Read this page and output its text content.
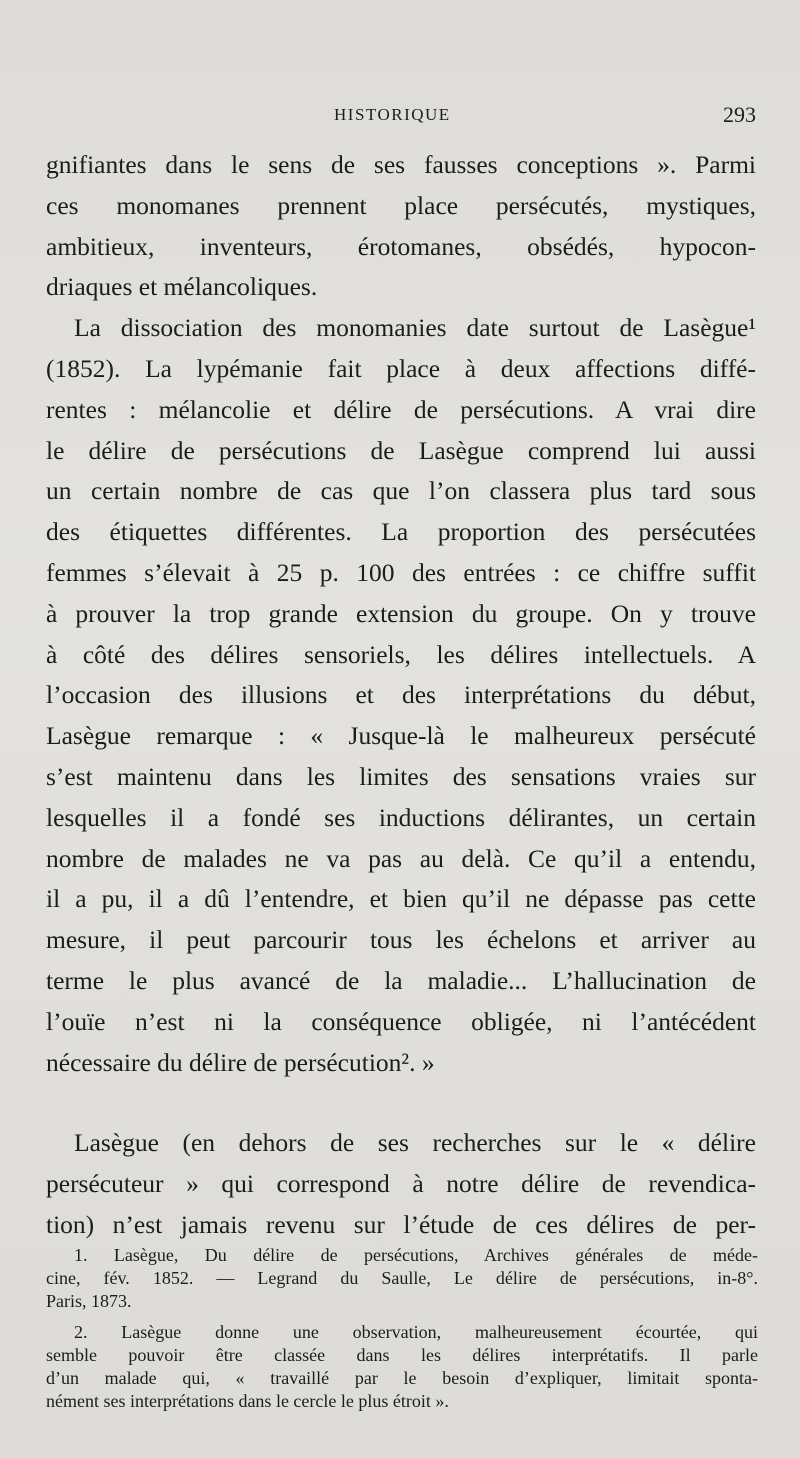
HISTORIQUE	293
gnifiantes dans le sens de ses fausses conceptions ». Parmi
ces monomanes prennent place persécutés, mystiques,
ambitieux, inventeurs, érotomanes, obsédés, hypocon-
driaques et mélancoliques.
La dissociation des monomanies date surtout de Lasègue¹
(1852). La lypémanie fait place à deux affections diffé-
rentes : mélancolie et délire de persécutions. A vrai dire
le délire de persécutions de Lasègue comprend lui aussi
un certain nombre de cas que l’on classera plus tard sous
des étiquettes différentes. La proportion des persécutées
femmes s’élevait à 25 p. 100 des entrées : ce chiffre suffit
à prouver la trop grande extension du groupe. On y trouve
à côté des délires sensoriels, les délires intellectuels. A
l’occasion des illusions et des interprétations du début,
Lasègue remarque : « Jusque-là le malheureux persécuté
s’est maintenu dans les limites des sensations vraies sur
lesquelles il a fondé ses inductions délirantes, un certain
nombre de malades ne va pas au delà. Ce qu’il a entendu,
il a pu, il a dû l’entendre, et bien qu’il ne dépasse pas cette
mesure, il peut parcourir tous les échelons et arriver au
terme le plus avancé de la maladie... L’hallucination de
l’ouïe n’est ni la conséquence obligée, ni l’antécédent
nécessaire du délire de persécution². »
Lasègue (en dehors de ses recherches sur le « délire
persécuteur » qui correspond à notre délire de revendica-
tion) n’est jamais revenu sur l’étude de ces délires de per-
1. Lasègue, Du délire de persécutions, Archives générales de méde-
cine, fév. 1852. — Legrand du Saulle, Le délire de persécutions, in-8°.
Paris, 1873.
2. Lasègue donne une observation, malheureusement écourtée, qui
semble pouvoir être classée dans les délires interprétatifs. Il parle
d’un malade qui, « travaillé par le besoin d’expliquer, limitait sponta-
nément ses interprétations dans le cercle le plus étroit ».
